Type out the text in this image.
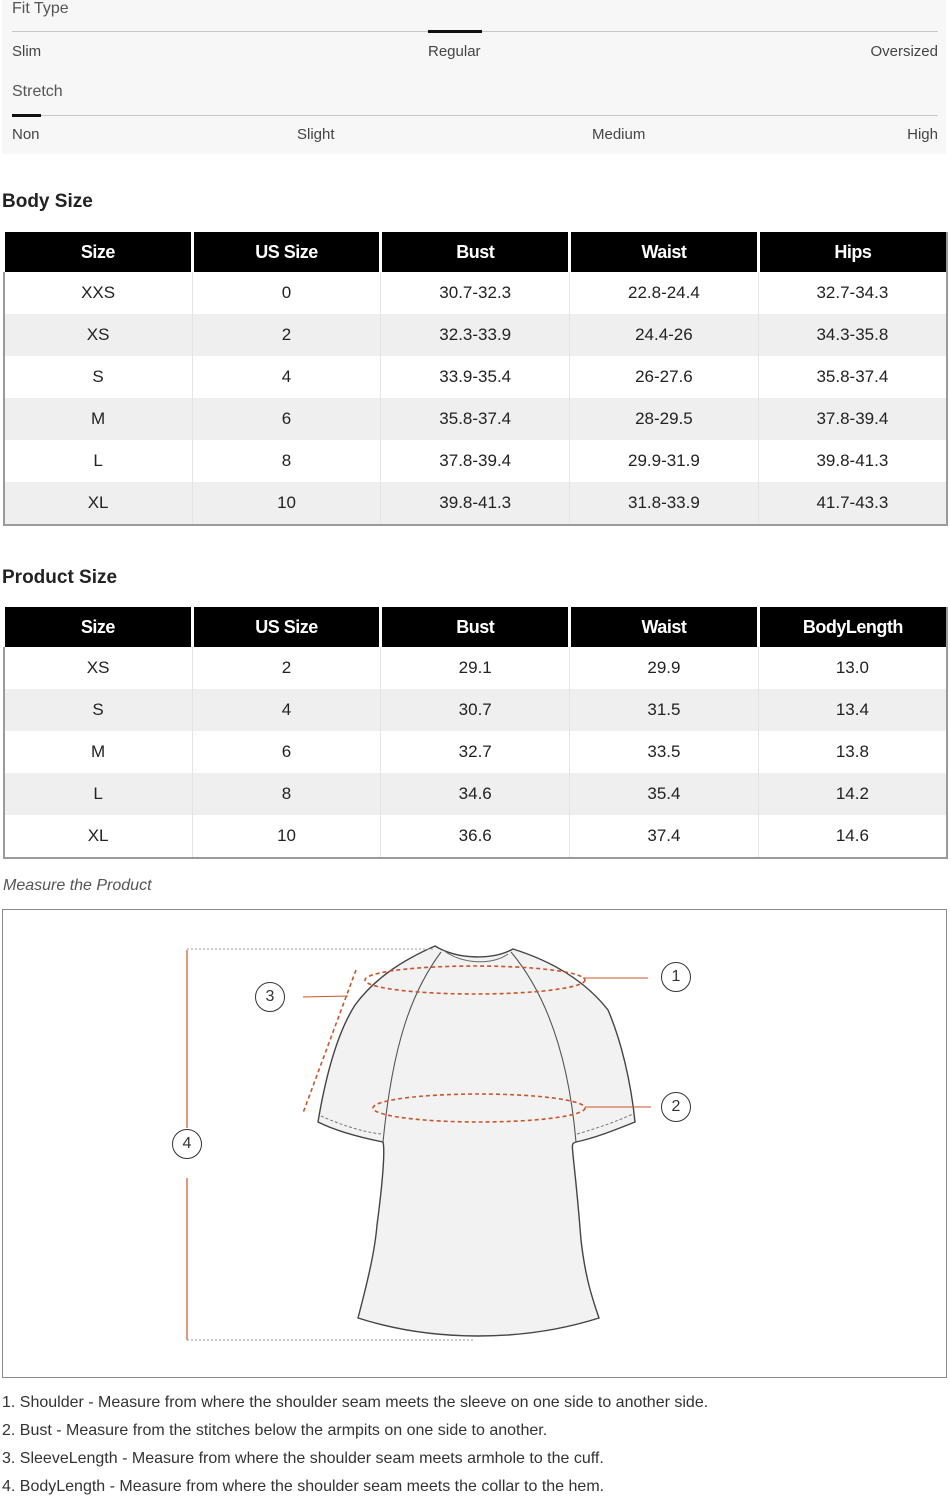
Fit Type
Slim	Regular	Oversized
Stretch
Non	Slight	Medium	High
Body Size
Size	US Size	Bust	Waist	Hips
XXS	0	30.7-32.3	22.8-24.4	32.7-34.3
XS	2	32.3-33.9	24.4-26	34.3-35.8
S	4	33.9-35.4	26-27.6	35.8-37.4
M	6	35.8-37.4	28-29.5	37.8-39.4
L	8	37.8-39.4	29.9-31.9	39.8-41.3
XL	10	39.8-41.3	31.8-33.9	41.7-43.3
Product Size
Size	US Size	Bust	Waist	BodyLength
XS	2	29.1	29.9	13.0
S	4	30.7	31.5	13.4
M	6	32.7	33.5	13.8
L	8	34.6	35.4	14.2
XL	10	36.6	37.4	14.6
Measure the Product
1
2
3
4
1. Shoulder - Measure from where the shoulder seam meets the sleeve on one side to another side.
2. Bust - Measure from the stitches below the armpits on one side to another.
3. SleeveLength - Measure from where the shoulder seam meets armhole to the cuff.
4. BodyLength - Measure from where the shoulder seam meets the collar to the hem.
